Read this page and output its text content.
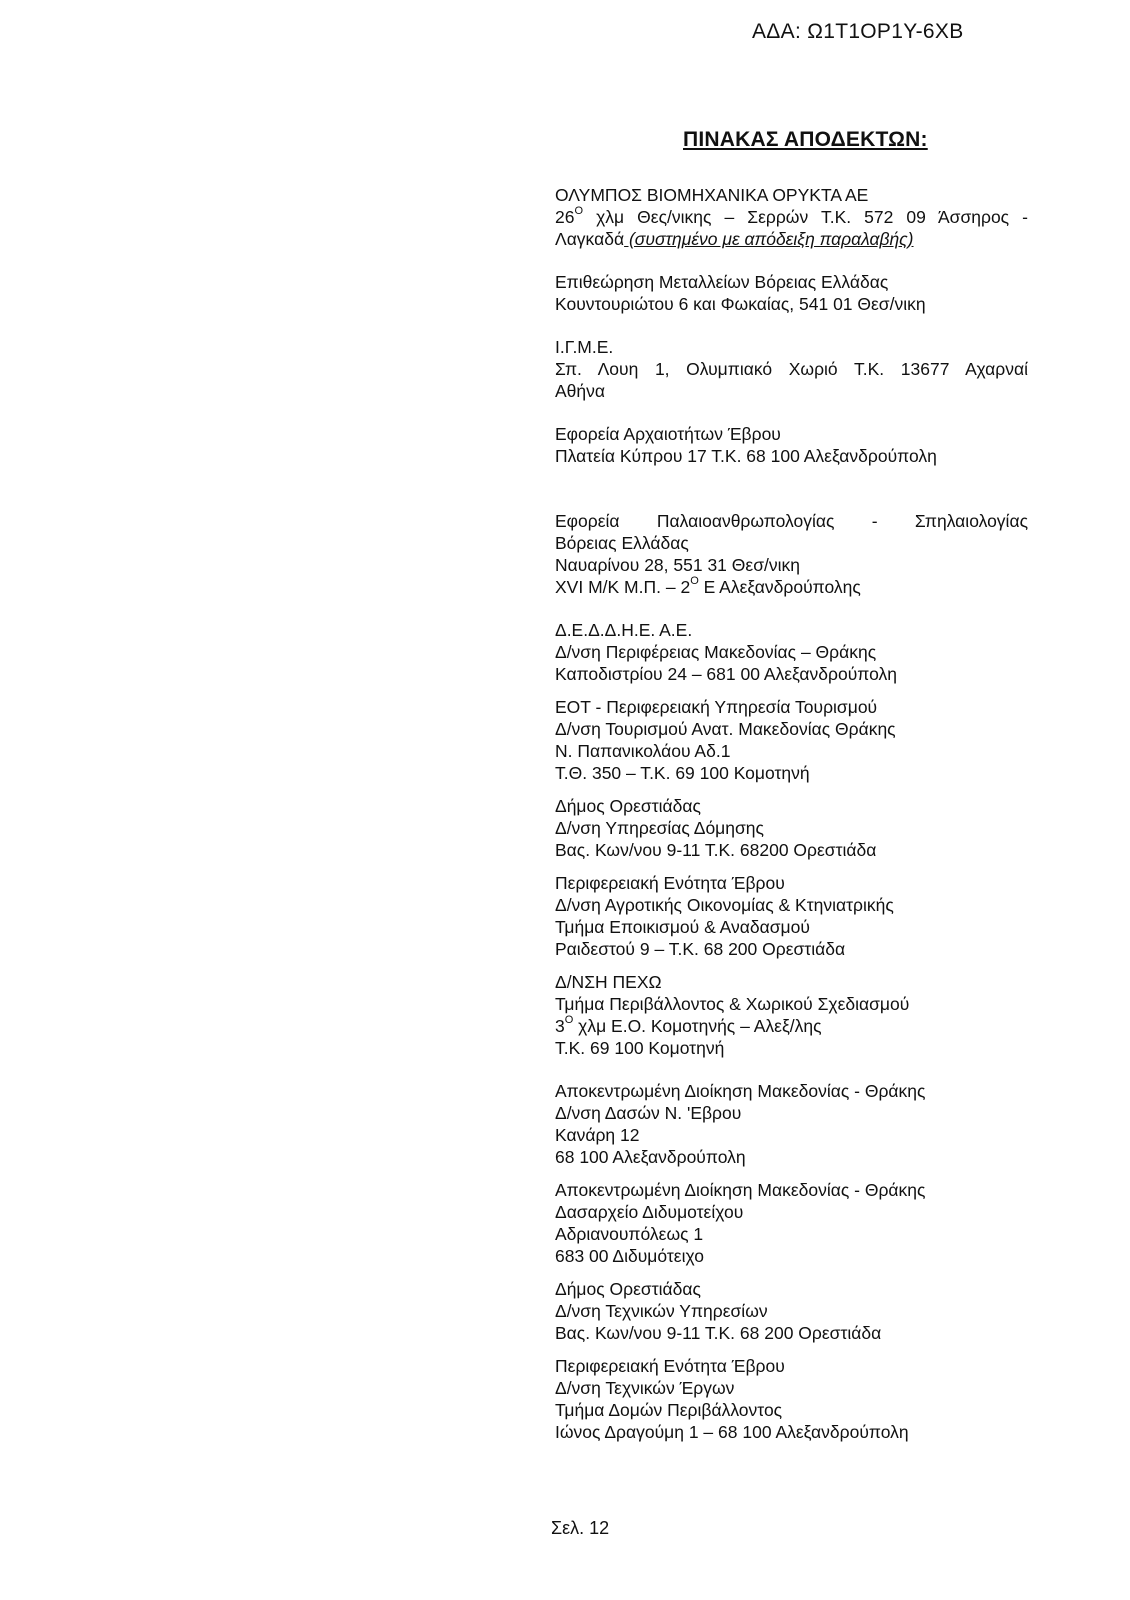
ΑΔΑ: Ω1Τ1ΟΡ1Υ-6ΧΒ
ΠΙΝΑΚΑΣ ΑΠΟΔΕΚΤΩΝ:
ΟΛΥΜΠΟΣ ΒΙΟΜΗΧΑΝΙΚΑ ΟΡΥΚΤΑ ΑΕ
$26^O$ χλμ Θες/νικης – Σερρών Τ.Κ. 572 09 Άσσηρος -
Λαγκαδά (συστημένο με απόδειξη παραλαβής)
Επιθεώρηση Μεταλλείων Βόρειας Ελλάδας
Κουντουριώτου 6 και Φωκαίας, 541 01 Θεσ/νικη
Ι.Γ.Μ.Ε.
Σπ. Λουη 1, Ολυμπιακό Χωριό Τ.Κ. 13677 Αχαρναί
Αθήνα
Εφορεία Αρχαιοτήτων Έβρου
Πλατεία Κύπρου 17 Τ.Κ. 68 100 Αλεξανδρούπολη
Εφορεία Παλαιοανθρωπολογίας - Σπηλαιολογίας
Βόρειας Ελλάδας
Ναυαρίνου 28, 551 31 Θεσ/νικη
XVI Μ/Κ Μ.Π. – $2^O$ Ε Αλεξανδρούπολης
Δ.Ε.Δ.Δ.Η.Ε. Α.Ε.
Δ/νση Περιφέρειας Μακεδονίας – Θράκης
Καποδιστρίου 24 – 681 00 Αλεξανδρούπολη
ΕΟΤ - Περιφερειακή Υπηρεσία Τουρισμού
Δ/νση Τουρισμού Ανατ. Μακεδονίας Θράκης
Ν. Παπανικολάου Αδ.1
Τ.Θ. 350 – Τ.Κ. 69 100 Κομοτηνή
Δήμος Ορεστιάδας
Δ/νση Υπηρεσίας Δόμησης
Βας. Κων/νου 9-11 Τ.Κ. 68200 Ορεστιάδα
Περιφερειακή Ενότητα Έβρου
Δ/νση Αγροτικής Οικονομίας & Κτηνιατρικής
Τμήμα Εποικισμού & Αναδασμού
Ραιδεστού 9 – Τ.Κ. 68 200 Ορεστιάδα
Δ/ΝΣΗ ΠΕΧΩ
Τμήμα Περιβάλλοντος & Χωρικού Σχεδιασμού
$3^O$ χλμ Ε.Ο. Κομοτηνής – Αλεξ/λης
Τ.Κ. 69 100 Κομοτηνή
Αποκεντρωμένη Διοίκηση Μακεδονίας - Θράκης
Δ/νση Δασών Ν. 'Εβρου
Κανάρη 12
68 100 Αλεξανδρούπολη
Αποκεντρωμένη Διοίκηση Μακεδονίας - Θράκης
Δασαρχείο Διδυμοτείχου
Αδριανουπόλεως 1
683 00 Διδυμότειχο
Δήμος Ορεστιάδας
Δ/νση Τεχνικών Υπηρεσίων
Βας. Κων/νου 9-11 Τ.Κ. 68 200 Ορεστιάδα
Περιφερειακή Ενότητα Έβρου
Δ/νση Τεχνικών Έργων
Τμήμα Δομών Περιβάλλοντος
Ιώνος Δραγούμη 1 – 68 100 Αλεξανδρούπολη
Σελ. 12
